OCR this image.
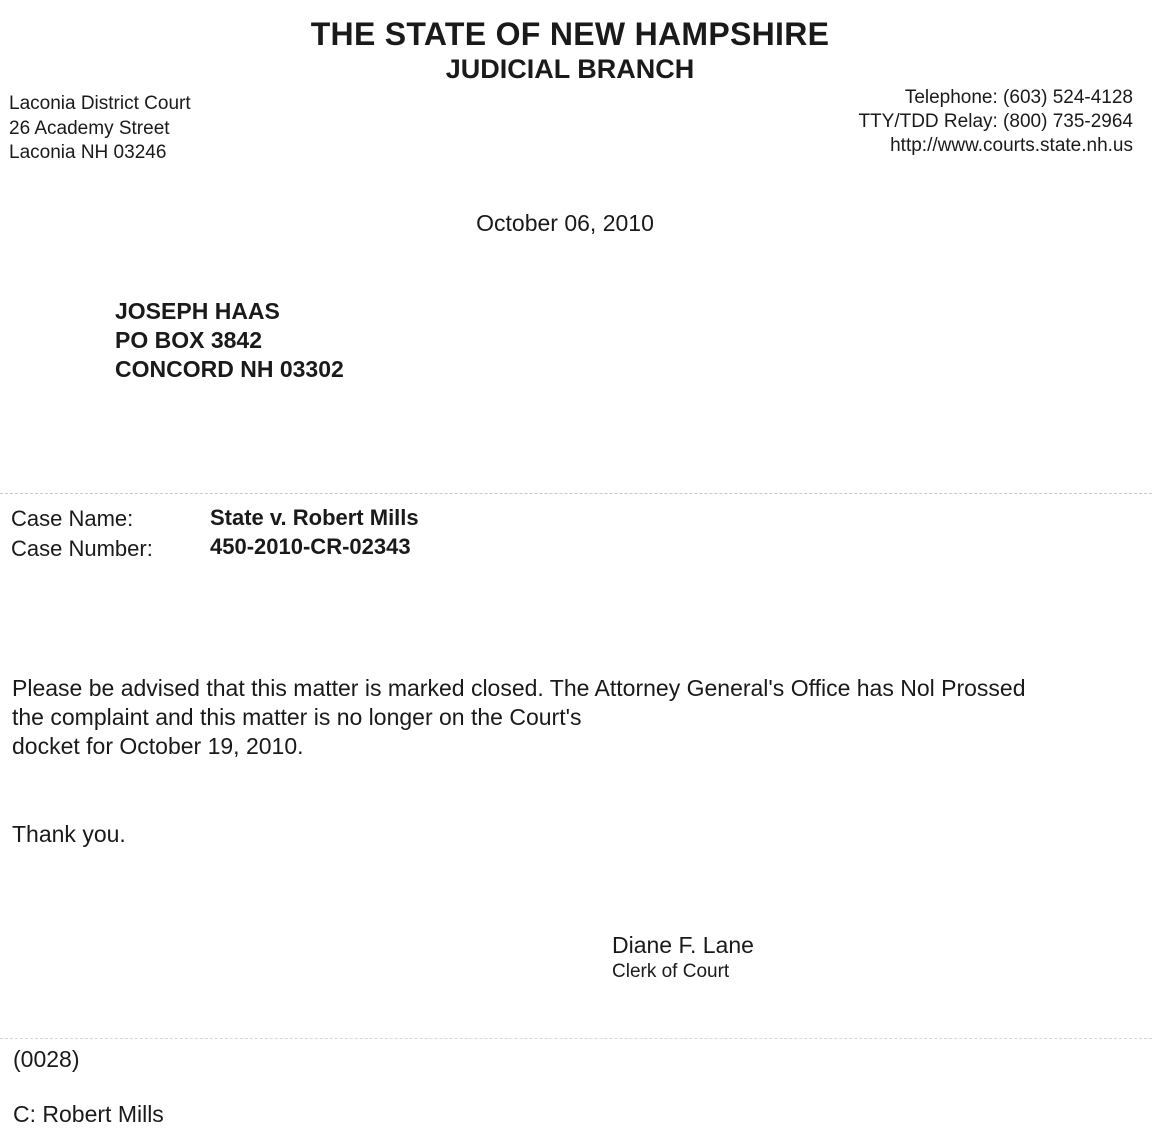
THE STATE OF NEW HAMPSHIRE
JUDICIAL BRANCH
Laconia District Court
26 Academy Street
Laconia NH 03246
Telephone: (603) 524-4128
TTY/TDD Relay: (800) 735-2964
http://www.courts.state.nh.us
October 06, 2010
JOSEPH HAAS
PO BOX 3842
CONCORD NH 03302
Case Name:	State v. Robert Mills
Case Number:	450-2010-CR-02343
Please be advised that this matter is marked closed. The Attorney General's Office has Nol Prossed
the complaint and this matter is no longer on the Court's
docket for October 19, 2010.
Thank you.
Diane F. Lane
Clerk of Court
(0028)
C: Robert Mills
